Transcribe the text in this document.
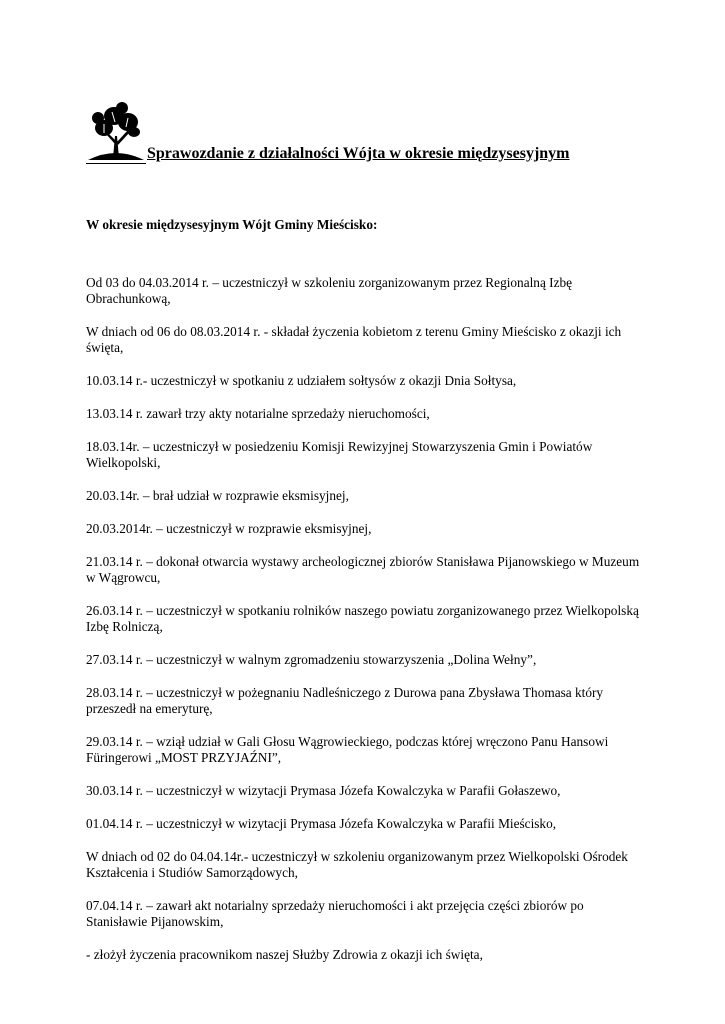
Sprawozdanie z działalności Wójta w okresie międzysesyjnym
W okresie międzysesyjnym Wójt Gminy Mieścisko:

Od 03 do 04.03.2014 r. – uczestniczył w szkoleniu zorganizowanym przez Regionalną Izbę Obrachunkową,

W dniach od 06 do 08.03.2014 r. - składał życzenia kobietom z terenu Gminy Mieścisko z okazji ich święta,

10.03.14 r.- uczestniczył w spotkaniu z udziałem sołtysów z okazji Dnia Sołtysa,

13.03.14 r. zawarł trzy akty notarialne sprzedaży nieruchomości,

18.03.14r. – uczestniczył w posiedzeniu Komisji Rewizyjnej Stowarzyszenia Gmin i Powiatów Wielkopolski,

20.03.14r. – brał udział w rozprawie eksmisyjnej,

20.03.2014r. – uczestniczył w rozprawie eksmisyjnej,

21.03.14 r. – dokonał otwarcia wystawy archeologicznej zbiorów Stanisława Pijanowskiego w Muzeum w Wągrowcu,

26.03.14 r. – uczestniczył w spotkaniu rolników naszego powiatu zorganizowanego przez Wielkopolską Izbę Rolniczą,

27.03.14 r. – uczestniczył w walnym zgromadzeniu stowarzyszenia „Dolina Wełny”,

28.03.14 r. – uczestniczył w pożegnaniu Nadleśniczego z Durowa pana Zbysława Thomasa który przeszedł na emeryturę,

29.03.14 r. – wziął udział w Gali Głosu Wągrowieckiego, podczas której wręczono Panu Hansowi Füringerowi „MOST PRZYJAŹNI”,

30.03.14 r. – uczestniczył w wizytacji Prymasa Józefa Kowalczyka w Parafii Gołaszewo,

01.04.14 r. – uczestniczył w wizytacji Prymasa Józefa Kowalczyka w Parafii Mieścisko,

W dniach od 02 do 04.04.14r.- uczestniczył w szkoleniu organizowanym przez Wielkopolski Ośrodek Kształcenia i Studiów Samorządowych,

07.04.14 r. – zawarł akt notarialny sprzedaży nieruchomości i akt przejęcia części zbiorów po Stanisławie Pijanowskim,

- złożył życzenia pracownikom naszej Służby Zdrowia z okazji ich święta,
